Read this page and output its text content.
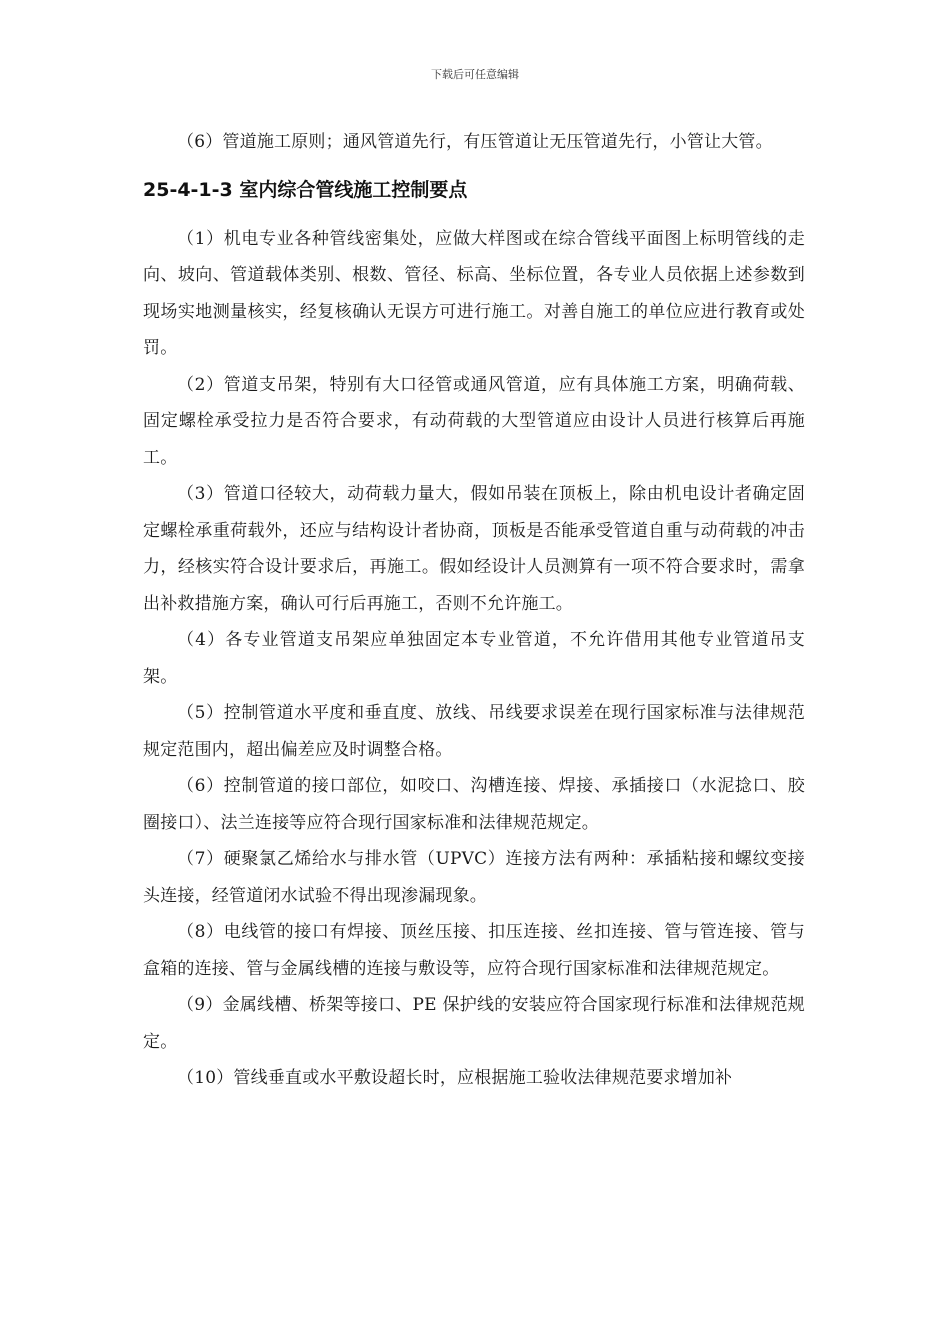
下载后可任意编辑

（6）管道施工原则；通风管道先行，有压管道让无压管道先行，小管让大管。

25-4-1-3 室内综合管线施工控制要点

（1）机电专业各种管线密集处，应做大样图或在综合管线平面图上标明管线的走向、坡向、管道载体类别、根数、管径、标高、坐标位置，各专业人员依据上述参数到现场实地测量核实，经复核确认无误方可进行施工。对善自施工的单位应进行教育或处罚。

（2）管道支吊架，特别有大口径管或通风管道，应有具体施工方案，明确荷载、固定螺栓承受拉力是否符合要求，有动荷载的大型管道应由设计人员进行核算后再施工。

（3）管道口径较大，动荷载力量大，假如吊装在顶板上，除由机电设计者确定固定螺栓承重荷载外，还应与结构设计者协商，顶板是否能承受管道自重与动荷载的冲击力，经核实符合设计要求后，再施工。假如经设计人员测算有一项不符合要求时，需拿出补救措施方案，确认可行后再施工，否则不允许施工。

（4）各专业管道支吊架应单独固定本专业管道，不允许借用其他专业管道吊支架。

（5）控制管道水平度和垂直度、放线、吊线要求误差在现行国家标准与法律规范规定范围内，超出偏差应及时调整合格。

（6）控制管道的接口部位，如咬口、沟槽连接、焊接、承插接口（水泥捻口、胶圈接口）、法兰连接等应符合现行国家标准和法律规范规定。

（7）硬聚氯乙烯给水与排水管（UPVC）连接方法有两种：承插粘接和螺纹变接头连接，经管道闭水试验不得出现渗漏现象。

（8）电线管的接口有焊接、顶丝压接、扣压连接、丝扣连接、管与管连接、管与盒箱的连接、管与金属线槽的连接与敷设等，应符合现行国家标准和法律规范规定。

（9）金属线槽、桥架等接口、PE 保护线的安装应符合国家现行标准和法律规范规定。

（10）管线垂直或水平敷设超长时，应根据施工验收法律规范要求增加补
